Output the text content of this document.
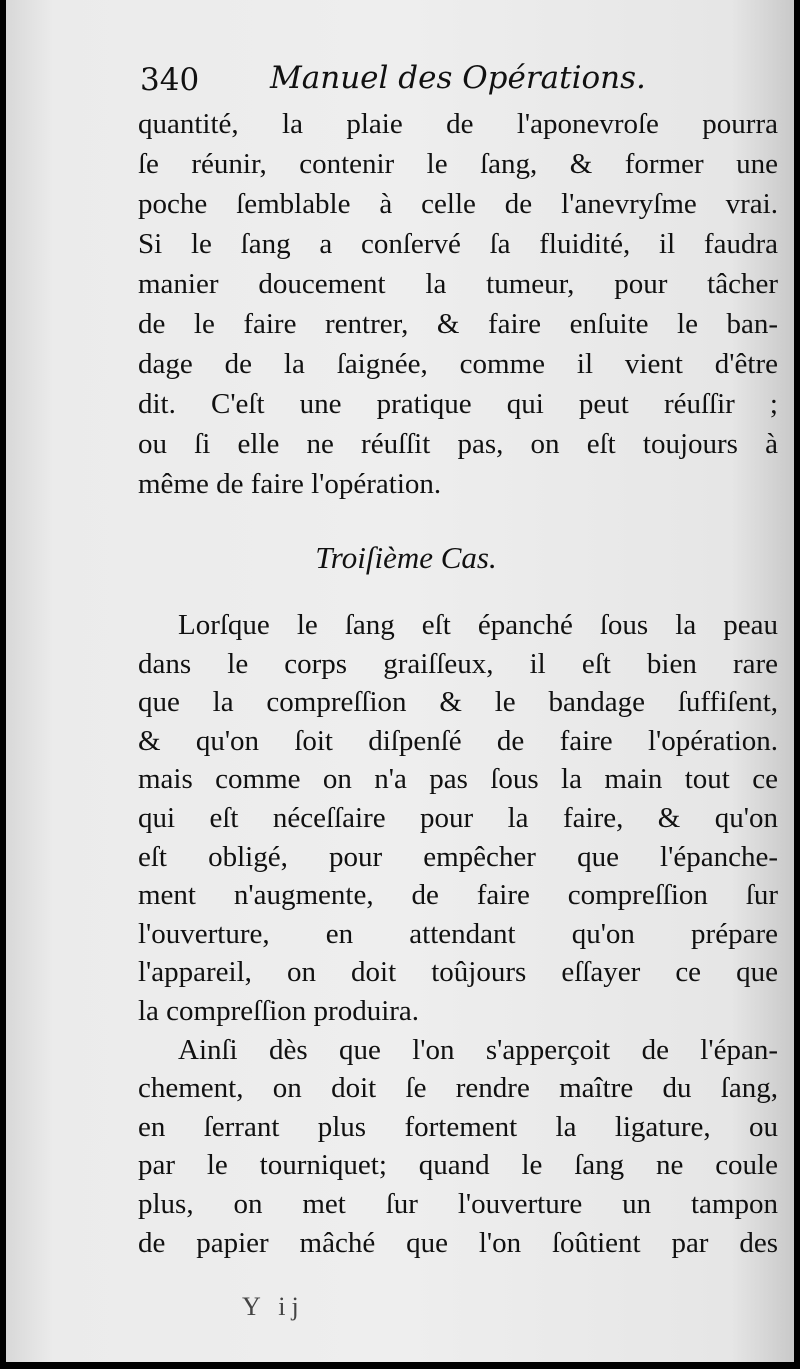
340 Manuel des Opérations.
quantité, la plaie de l'aponevroſe pourra
ſe réunir, contenir le ſang, & former une
poche ſemblable à celle de l'anevryſme vrai.
Si le ſang a conſervé ſa fluidité, il faudra
manier doucement la tumeur, pour tâcher
de le faire rentrer, & faire enſuite le ban-
dage de la ſaignée, comme il vient d'être
dit. C'eſt une pratique qui peut réuſſir ;
ou ſi elle ne réuſſit pas, on eſt toujours à
même de faire l'opération.
Troiſième Cas.
Lorſque le ſang eſt épanché ſous la peau
dans le corps graiſſeux, il eſt bien rare
que la compreſſion & le bandage ſuffiſent,
& qu'on ſoit diſpenſé de faire l'opération.
mais comme on n'a pas ſous la main tout ce
qui eſt néceſſaire pour la faire, & qu'on
eſt obligé, pour empêcher que l'épanche-
ment n'augmente, de faire compreſſion ſur
l'ouverture, en attendant qu'on prépare
l'appareil, on doit toûjours eſſayer ce que
la compreſſion produira.
Ainſi dès que l'on s'apperçoit de l'épan-
chement, on doit ſe rendre maître du ſang,
en ſerrant plus fortement la ligature, ou
par le tourniquet; quand le ſang ne coule
plus, on met ſur l'ouverture un tampon
de papier mâché que l'on ſoûtient par des
Y ij
